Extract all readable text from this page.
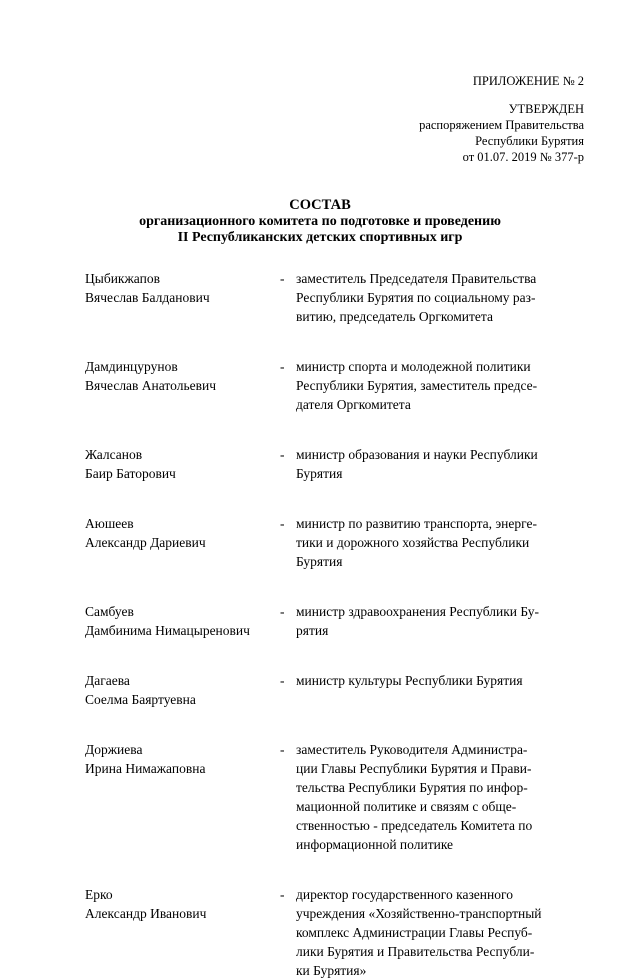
ПРИЛОЖЕНИЕ № 2
УТВЕРЖДЕН
распоряжением Правительства
Республики Бурятия
от 01.07. 2019 № 377-р
СОСТАВ
организационного комитета по подготовке и проведению
II Республиканских детских спортивных игр
Цыбикжапов
Вячеслав Балданович
- заместитель Председателя Правительства
Республики Бурятия по социальному раз-
витию, председатель Оргкомитета
Дамдинцурунов
Вячеслав Анатольевич
- министр спорта и молодежной политики
Республики Бурятия, заместитель предсе-
дателя Оргкомитета
Жалсанов
Баир Баторович
- министр образования и науки Республики
Бурятия
Аюшеев
Александр Дариевич
- министр по развитию транспорта, энерге-
тики и дорожного хозяйства Республики
Бурятия
Самбуев
Дамбинима Нимацыренович
- министр здравоохранения Республики Бу-
рятия
Дагаева
Соелма Баяртуевна
- министр культуры Республики Бурятия
Доржиева
Ирина Нимажаповна
- заместитель Руководителя Администра-
ции Главы Республики Бурятия и Прави-
тельства Республики Бурятия по инфор-
мационной политике и связям с обще-
ственностью - председатель Комитета по
информационной политике
Ерко
Александр Иванович
- директор государственного казенного
учреждения «Хозяйственно-транспортный
комплекс Администрации Главы Респуб-
лики Бурятия и Правительства Республи-
ки Бурятия»
